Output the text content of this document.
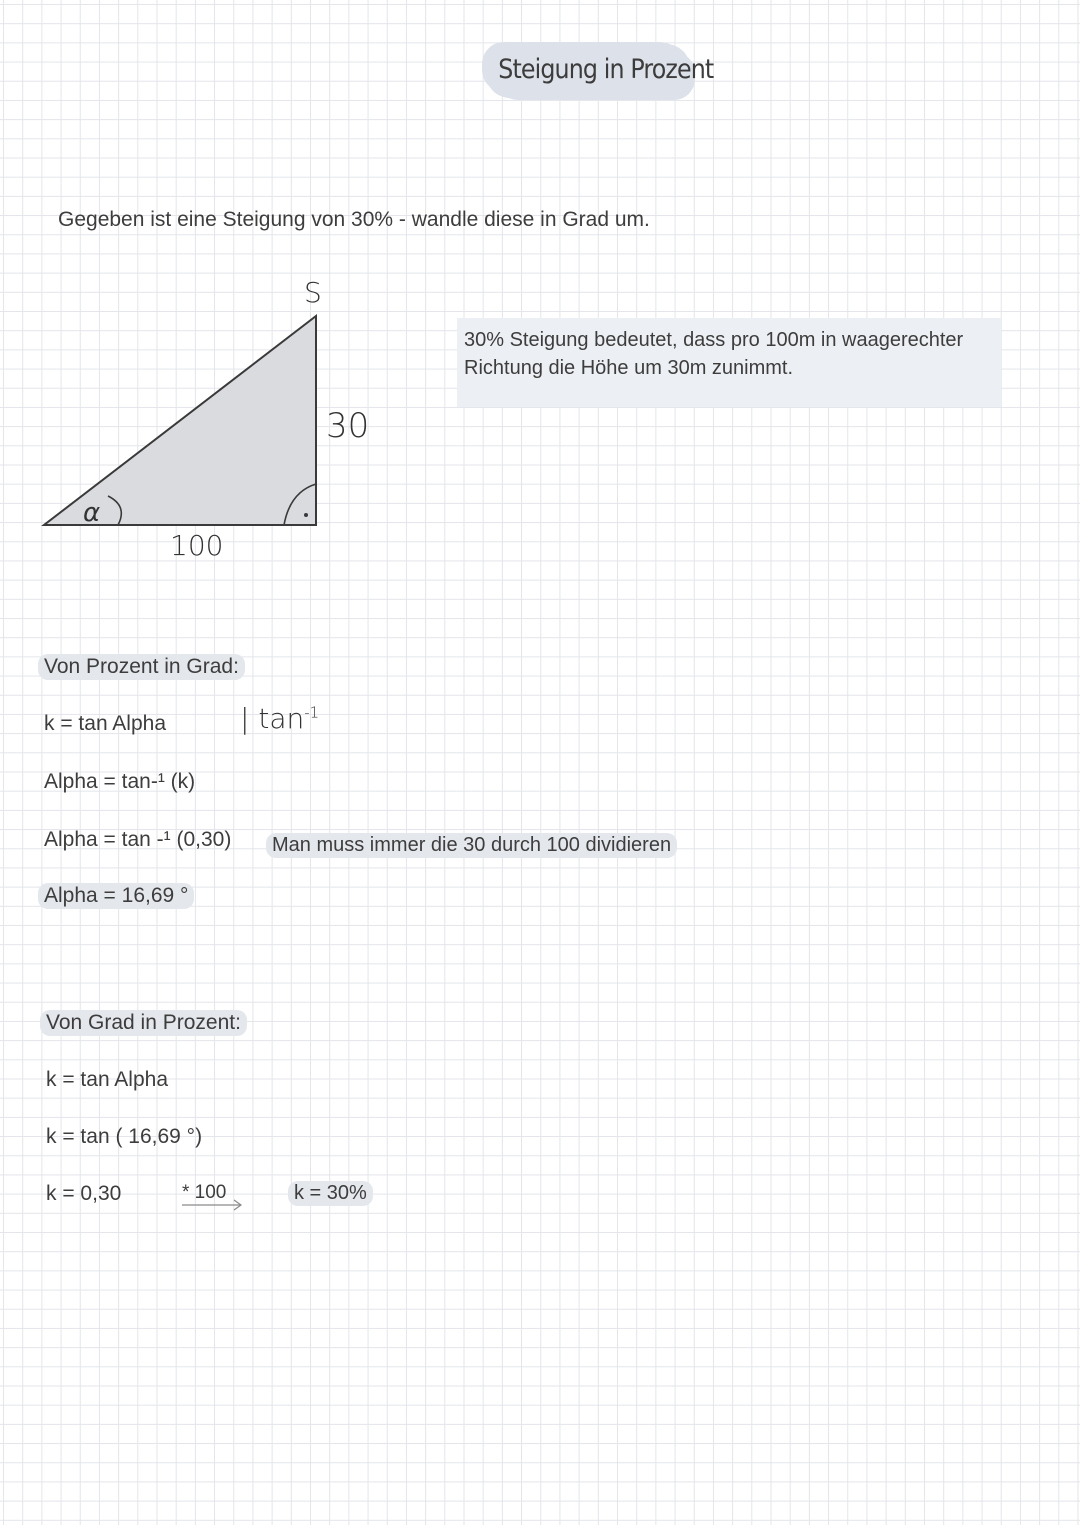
Steigung in Prozent
Gegeben ist eine Steigung von 30% - wandle diese in Grad um.
α
S
30
100
30% Steigung bedeutet, dass pro 100m in waagerechter
Richtung die Höhe um 30m zunimmt.
Von Prozent in Grad:
k = tan Alpha	| $\tan^{-1}$
Alpha = tan-¹ (k)
Alpha = tan -¹ (0,30)	Man muss immer die 30 durch 100 dividieren
Alpha = 16,69 °
Von Grad in Prozent:
k = tan Alpha
k = tan ( 16,69 °)
k = 0,30	* 100	k = 30%
